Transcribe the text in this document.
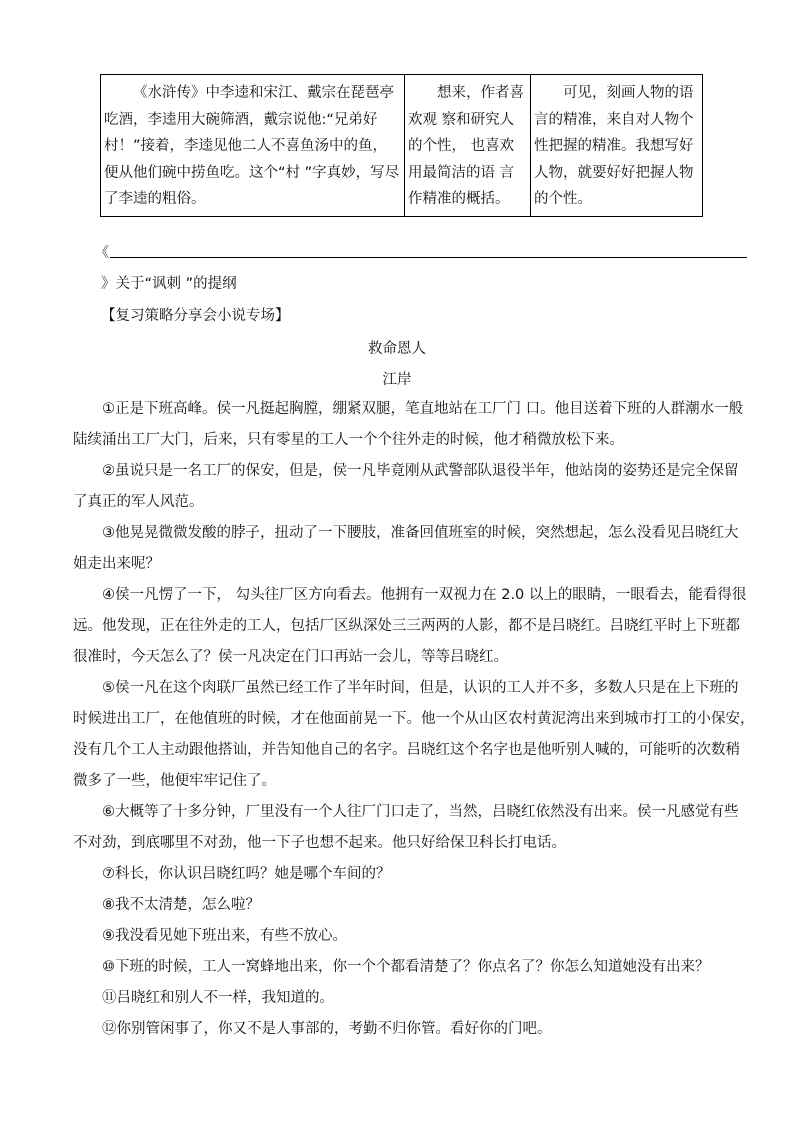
《水浒传》中李逵和宋江、戴宗在琵琶亭吃酒，李逵用大碗筛酒，戴宗说他:“兄弟好村！”接着，李逵见他二人不喜鱼汤中的鱼，便从他们碗中捞鱼吃。这个“村 ”字真妙，写尽了李逵的粗俗。	想来，作者喜欢观 察和研究人的个性， 也喜欢用最简洁的语 言作精准的概括。	可见，刻画人物的语言的精准，来自对人物个性把握的精准。我想写好人物，就要好好把握人物的个性。
《
》关于“讽刺 ”的提纲
【复习策略分享会小说专场】
救命恩人
江岸
①正是下班高峰。侯一凡挺起胸膛，绷紧双腿，笔直地站在工厂门 口。他目送着下班的人群潮水一般 陆续涌出工厂大门，后来，只有零星的工人一个个往外走的时候，他才稍微放松下来。
②虽说只是一名工厂的保安，但是，侯一凡毕竟刚从武警部队退役半年，他站岗的姿势还是完全保留 了真正的军人风范。
③他晃晃微微发酸的脖子，扭动了一下腰肢，准备回值班室的时候，突然想起，怎么没看见吕晓红大 姐走出来呢？
④侯一凡愣了一下， 勾头往厂区方向看去。他拥有一双视力在 2.0 以上的眼睛，一眼看去，能看得很 远。他发现，正在往外走的工人，包括厂区纵深处三三两两的人影，都不是吕晓红。吕晓红平时上下班都 很准时，今天怎么了？侯一凡决定在门口再站一会儿，等等吕晓红。
⑤侯一凡在这个肉联厂虽然已经工作了半年时间，但是，认识的工人并不多，多数人只是在上下班的 时候进出工厂，在他值班的时候，才在他面前晃一下。他一个从山区农村黄泥湾出来到城市打工的小保安， 没有几个工人主动跟他搭讪，并告知他自己的名字。吕晓红这个名字也是他听别人喊的，可能听的次数稍 微多了一些，他便牢牢记住了。
⑥大概等了十多分钟，厂里没有一个人往厂门口走了，当然，吕晓红依然没有出来。侯一凡感觉有些 不对劲，到底哪里不对劲，他一下子也想不起来。他只好给保卫科长打电话。
⑦科长，你认识吕晓红吗？她是哪个车间的？
⑧我不太清楚，怎么啦？
⑨我没看见她下班出来，有些不放心。
⑩下班的时候，工人一窝蜂地出来，你一个个都看清楚了？你点名了？你怎么知道她没有出来？
⑪吕晓红和别人不一样，我知道的。
⑫你别管闲事了，你又不是人事部的，考勤不归你管。看好你的门吧。
